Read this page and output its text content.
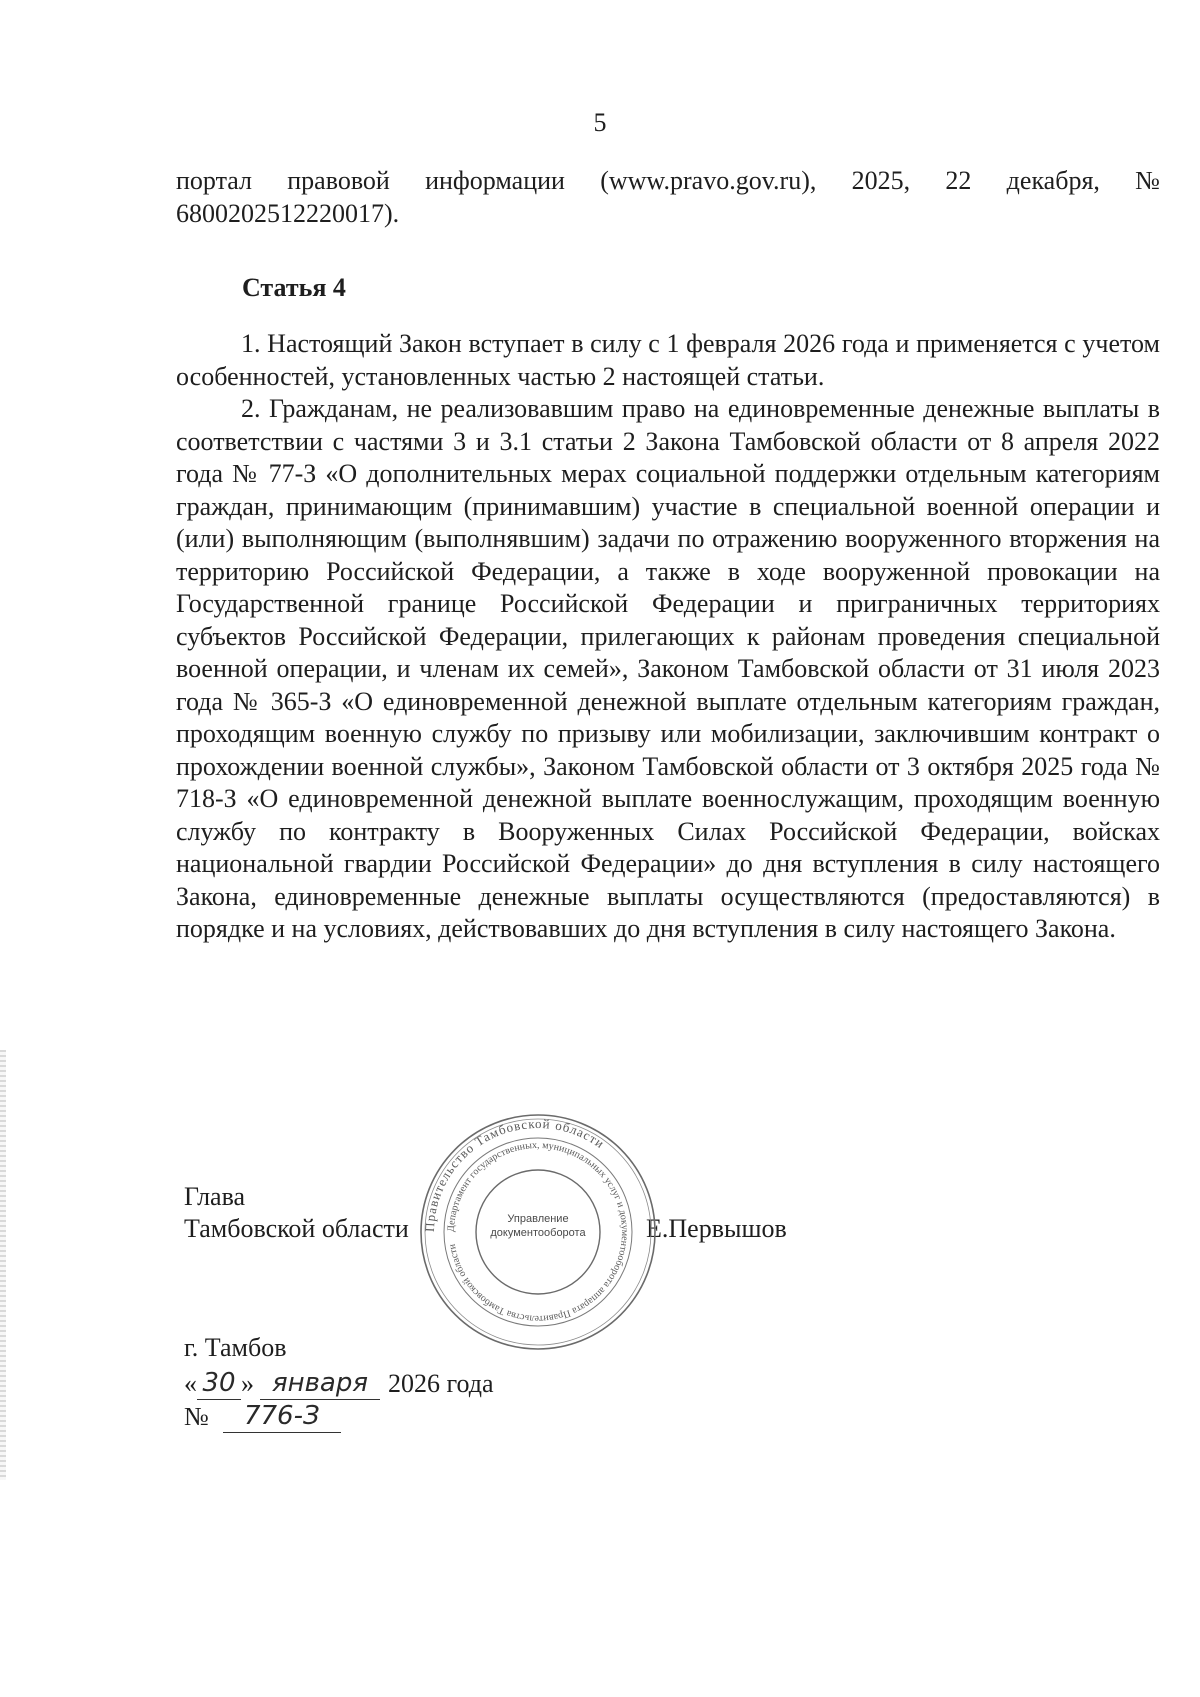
5

портал правовой информации (www.pravo.gov.ru), 2025, 22 декабря, № 6800202512220017).

Статья 4

1. Настоящий Закон вступает в силу с 1 февраля 2026 года и применяется с учетом особенностей, установленных частью 2 настоящей статьи.

2. Гражданам, не реализовавшим право на единовременные денежные выплаты в соответствии с частями 3 и 3.1 статьи 2 Закона Тамбовской области от 8 апреля 2022 года № 77-З «О дополнительных мерах социальной поддержки отдельным категориям граждан, принимающим (принимавшим) участие в специальной военной операции и (или) выполняющим (выполнявшим) задачи по отражению вооруженного вторжения на территорию Российской Федерации, а также в ходе вооруженной провокации на Государственной границе Российской Федерации и приграничных территориях субъектов Российской Федерации, прилегающих к районам проведения специальной военной операции, и членам их семей», Законом Тамбовской области от 31 июля 2023 года № 365-З «О единовременной денежной выплате отдельным категориям граждан, проходящим военную службу по призыву или мобилизации, заключившим контракт о прохождении военной службы», Законом Тамбовской области от 3 октября 2025 года № 718-З «О единовременной денежной выплате военнослужащим, проходящим военную службу по контракту в Вооруженных Силах Российской Федерации, войсках национальной гвардии Российской Федерации» до дня вступления в силу настоящего Закона, единовременные денежные выплаты осуществляются (предоставляются) в порядке и на условиях, действовавших до дня вступления в силу настоящего Закона.

Глава
Тамбовской области	Е.Первышов
Правительство Тамбовской области
Департамент государственных, муниципальных услуг и документооборота аппарата Правительства Тамбовской области
Управление
документооборота
г. Тамбов
« 30 » января 2026 года
№ 776-З
